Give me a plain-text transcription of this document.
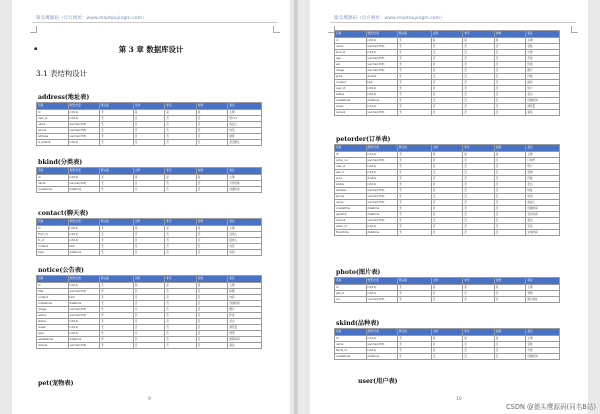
猿头鹰源码（官方网址：www.maotouyingm.com）
▪	第 3 章 数据库设计
3.1 表结构设计
address(地址表)
名称	类型/长度	默认值	主键	非空	自增	备注
id	int(11)	无	是	是	是	主键
user_id	int(11)	无	否	否	否	用户id
name	varchar(255)	无	否	否	否	收货人
phone	varchar(255)	无	否	否	否	电话
address	varchar(255)	无	否	否	否	地址
is_default	int(11)	无	否	否	否	是否默认
bkind(分类表)
名称	类型/长度	默认值	主键	非空	自增	备注
id	int(11)	无	是	是	是	主键
name	varchar(255)	无	否	否	否	分类名称
createtime	datetime	无	否	否	否	创建时间
contact(聊天表)
名称	类型/长度	默认值	主键	非空	自增	备注
id	int(11)	无	是	是	是	主键
from_id	int(11)	无	否	否	否	发送人
to_id	int(11)	无	否	否	否	接收人
content	text	无	否	否	否	内容
time	datetime	无	否	否	否	时间
notice(公告表)
名称	类型/长度	默认值	主键	非空	自增	备注
id	int(11)	无	是	是	是	主键
title	varchar(255)	无	否	否	否	标题
content	text	无	否	否	否	内容
createtime	datetime	无	否	否	否	创建时间
image	varchar(255)	无	否	否	否	图片
author	varchar(255)	无	否	否	否	作者
status	int(11)	无	否	否	否	状态
views	int(11)	无	否	否	否	浏览量
type	int(11)	无	否	否	否	类型
updatetime	datetime	无	否	否	否	更新时间
remark	varchar(255)	无	否	否	否	备注
pet(宠物表)
9
猿头鹰源码（官方网址：www.maotouyingm.com）
名称	类型/长度	默认值	主键	非空	自增	备注
id	int(11)	无	是	是	是	主键
name	varchar(255)	无	否	否	否	名称
kind_id	int(11)	无	否	否	否	分类
age	varchar(255)	无	否	否	否	年龄
sex	varchar(255)	无	否	否	否	性别
image	varchar(255)	无	否	否	否	图片
price	double	无	否	否	否	价格
content	text	无	否	否	否	描述
user_id	int(11)	无	否	否	否	用户
status	int(11)	无	否	否	否	状态
createtime	datetime	无	否	否	否	创建时间
views	int(11)	无	否	否	否	浏览量
remark	varchar(255)	无	否	否	否	备注
petorder(订单表)
名称	类型/长度	默认值	主键	非空	自增	备注
id	int(11)	无	是	是	是	主键
order_no	varchar(255)	无	否	否	否	订单号
user_id	int(11)	无	否	否	否	用户
pet_id	int(11)	无	否	否	否	宠物
price	double	无	否	否	否	价格
status	int(11)	无	否	否	否	状态
address	varchar(255)	无	否	否	否	地址
phone	varchar(255)	无	否	否	否	电话
name	varchar(255)	无	否	否	否	收货人
createtime	datetime	无	否	否	否	创建时间
paytime	datetime	无	否	否	否	支付时间
remark	varchar(255)	无	否	否	否	备注
seller_id	int(11)	无	否	否	否	卖家
finishtime	datetime	无	否	否	否	完成时间
photo(图片表)
名称	类型/长度	默认值	主键	非空	自增	备注
id	int(11)	无	是	是	是	主键
pet_id	int(11)	无	否	否	否	宠物
url	varchar(255)	无	否	否	否	图片地址
skind(品种表)
名称	类型/长度	默认值	主键	非空	自增	备注
id	int(11)	无	是	是	是	主键
name	varchar(255)	无	否	否	否	名称
bkind_id	int(11)	无	否	否	否	分类
createtime	datetime	无	否	否	否	创建时间
user(用户表)
10
CSDN @猿头鹰源码(同名B站)
